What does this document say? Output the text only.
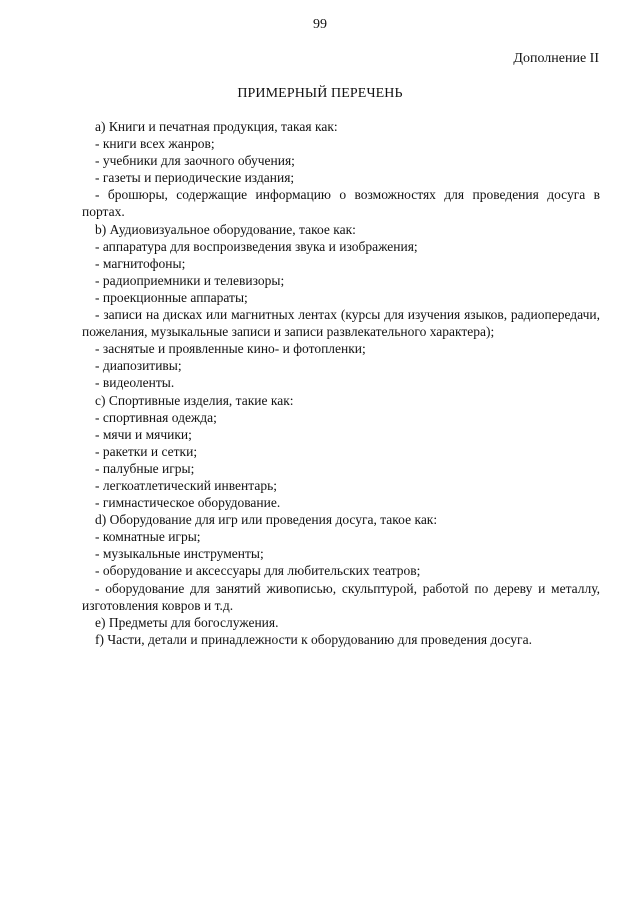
99
Дополнение II
ПРИМЕРНЫЙ ПЕРЕЧЕНЬ

а) Книги и печатная продукция, такая как:

- книги всех жанров;

- учебники для заочного обучения;

- газеты и периодические издания;

- брошюры, содержащие информацию о возможностях для проведения досуга в портах.

b) Аудиовизуальное оборудование, такое как:

- аппаратура для воспроизведения звука и изображения;

- магнитофоны;

- радиоприемники и телевизоры;

- проекционные аппараты;

- записи на дисках или магнитных лентах (курсы для изучения языков, радиопередачи, пожелания, музыкальные записи и записи развлекательного характера);

- заснятые и проявленные кино- и фотопленки;

- диапозитивы;

- видеоленты.

с) Спортивные изделия, такие как:

- спортивная одежда;

- мячи и мячики;

- ракетки и сетки;

- палубные игры;

- легкоатлетический инвентарь;

- гимнастическое оборудование.

d) Оборудование для игр или проведения досуга, такое как:

- комнатные игры;

- музыкальные инструменты;

- оборудование и аксессуары для любительских театров;

- оборудование для занятий живописью, скульптурой, работой по дереву и металлу, изготовления ковров и т.д.

е) Предметы для богослужения.

f) Части, детали и принадлежности к оборудованию для проведения досуга.
